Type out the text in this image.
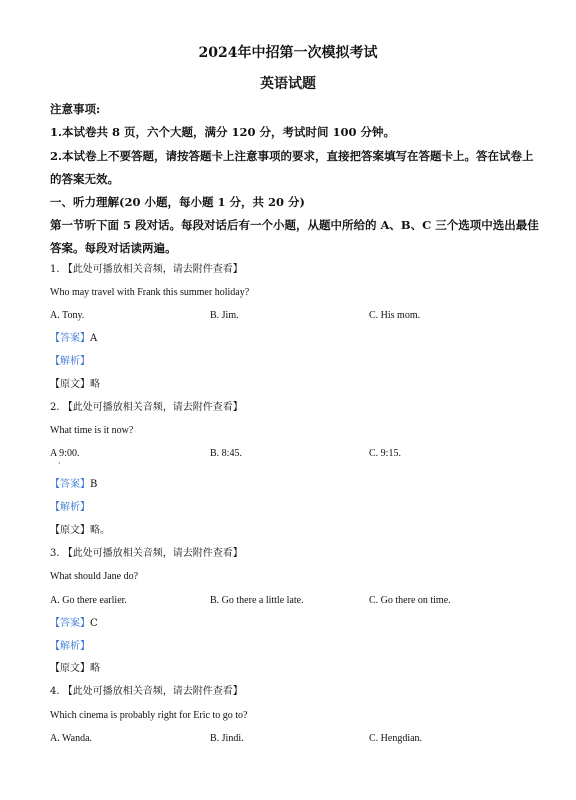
2024年中招第一次模拟考试
英语试题
注意事项:
1.本试卷共 8 页，六个大题，满分 120 分，考试时间 100 分钟。
2.本试卷上不要答题，请按答题卡上注意事项的要求，直接把答案填写在答题卡上。答在试卷上的答案无效。
一、听力理解(20 小题，每小题 1 分，共 20 分)
第一节听下面 5 段对话。每段对话后有一个小题，从题中所给的 A、B、C 三个选项中选出最佳答案。每段对话读两遍。
1. 【此处可播放相关音频，请去附件查看】
Who may travel with Frank this summer holiday?
A. Tony.	B. Jim.	C. His mom.
【答案】A
【解析】
【原文】略
2. 【此处可播放相关音频，请去附件查看】
What time is it now?
A 9:00.
·
B. 8:45.	C. 9:15.
【答案】B
【解析】
【原文】略。
3. 【此处可播放相关音频，请去附件查看】
What should Jane do?
A. Go there earlier.	B. Go there a little late.	C. Go there on time.
【答案】C
【解析】
【原文】略
4. 【此处可播放相关音频，请去附件查看】
Which cinema is probably right for Eric to go to?
A. Wanda.	B. Jindi.	C. Hengdian.
